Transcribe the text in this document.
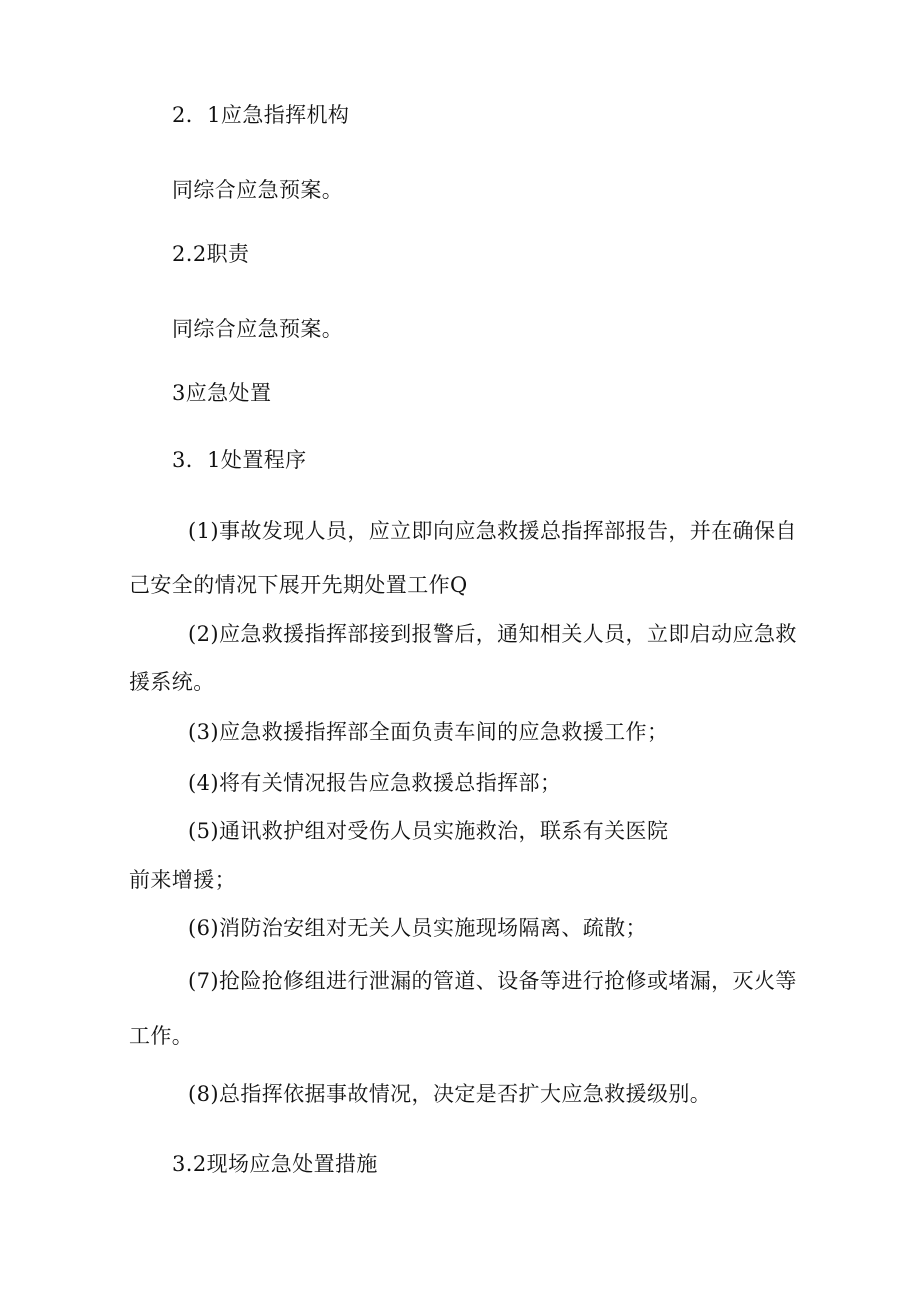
2．1应急指挥机构
同综合应急预案。
2.2职责
同综合应急预案。
3应急处置
3．1处置程序
(1)事故发现人员，应立即向应急救援总指挥部报告，并在确保自
己安全的情况下展开先期处置工作Q
(2)应急救援指挥部接到报警后，通知相关人员，立即启动应急救
援系统。
(3)应急救援指挥部全面负责车间的应急救援工作；
(4)将有关情况报告应急救援总指挥部；
(5)通讯救护组对受伤人员实施救治，联系有关医院
前来增援；
(6)消防治安组对无关人员实施现场隔离、疏散；
(7)抢险抢修组进行泄漏的管道、设备等进行抢修或堵漏，灭火等
工作。
(8)总指挥依据事故情况，决定是否扩大应急救援级别。
3.2现场应急处置措施
